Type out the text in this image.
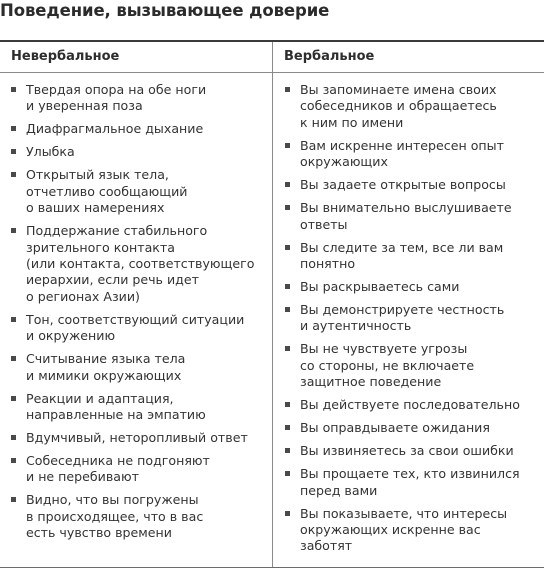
Поведение, вызывающее доверие
Невербальное	Вербальное
Твердая опора на обе ноги
и уверенная поза
Диафрагмальное дыхание
Улыбка
Открытый язык тела,
отчетливо сообщающий
о ваших намерениях
Поддержание стабильного
зрительного контакта
(или контакта, соответствующего
иерархии, если речь идет
о регионах Азии)
Тон, соответствующий ситуации
и окружению
Считывание языка тела
и мимики окружающих
Реакции и адаптация,
направленные на эмпатию
Вдумчивый, неторопливый ответ
Собеседника не подгоняют
и не перебивают
Видно, что вы погружены
в происходящее, что в вас
есть чувство времени
Вы запоминаете имена своих
собеседников и обращаетесь
к ним по имени
Вам искренне интересен опыт
окружающих
Вы задаете открытые вопросы
Вы внимательно выслушиваете
ответы
Вы следите за тем, все ли вам
понятно
Вы раскрываетесь сами
Вы демонстрируете честность
и аутентичность
Вы не чувствуете угрозы
со стороны, не включаете
защитное поведение
Вы действуете последовательно
Вы оправдываете ожидания
Вы извиняетесь за свои ошибки
Вы прощаете тех, кто извинился
перед вами
Вы показываете, что интересы
окружающих искренне вас
заботят
